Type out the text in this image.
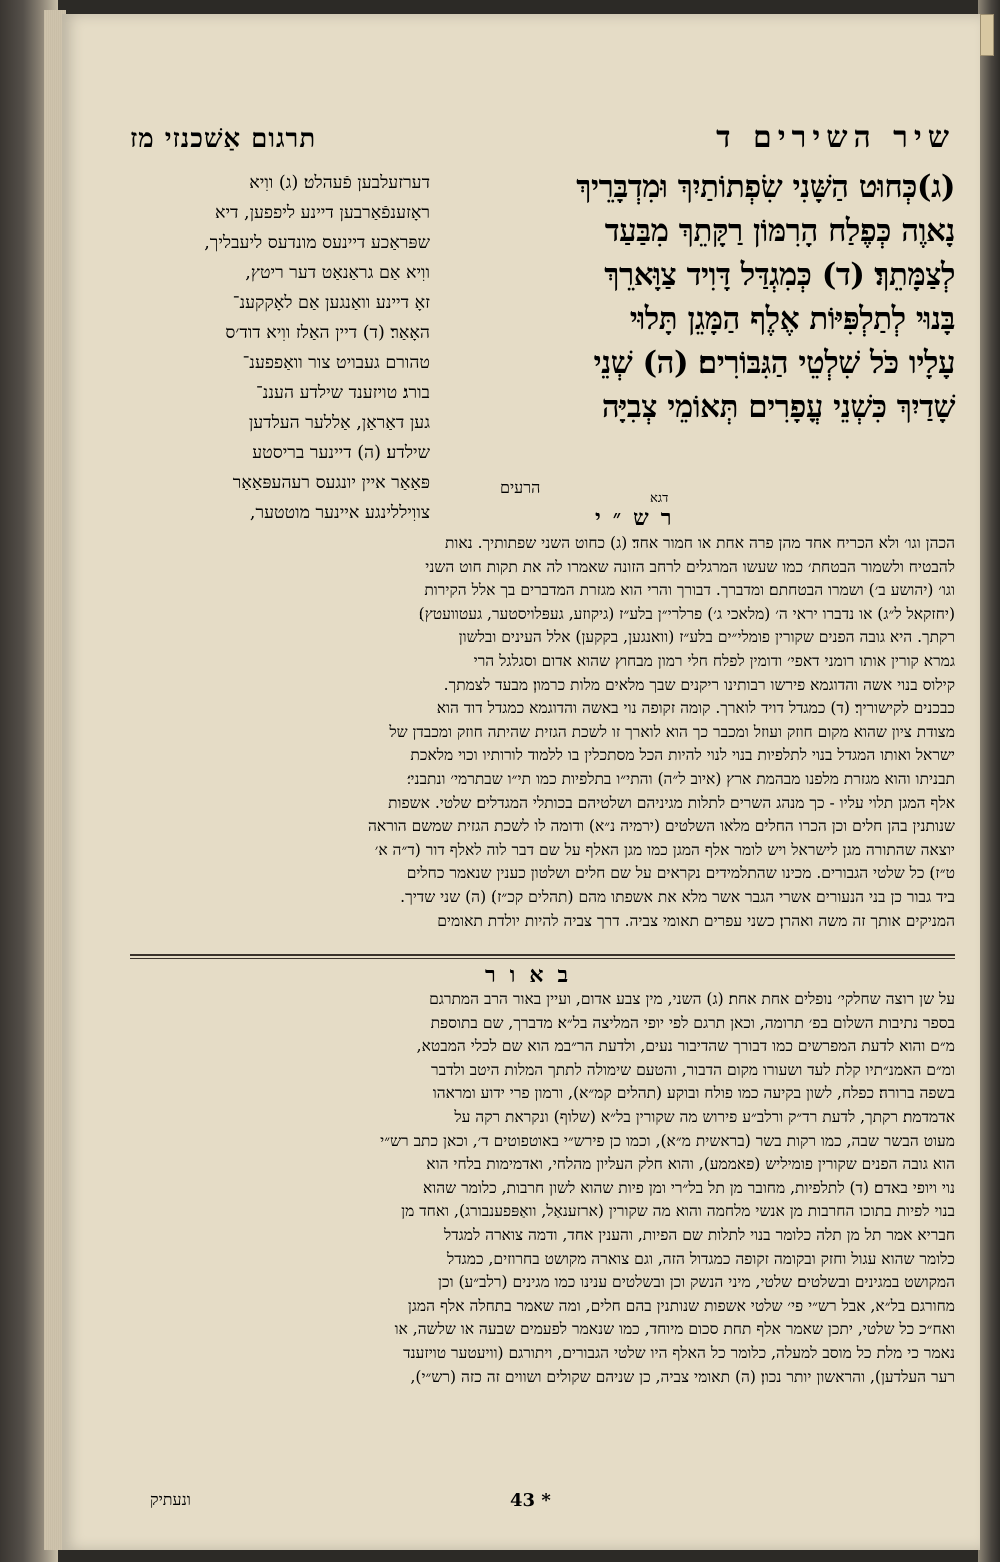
תרגום אַשׁכנזי מז	שיר השירים ד

דערזעלבען פֿעהלט׃ (ג) ווִיא

ראָזענפֿאַרבען דיינע ליפפען, דיא

שפּראַכע דיינעס מונדעס ליעבליך,

ווִיא אַם גראַנאַט דער ריטץ,

זאָ דיינע וואַנגען אַם לאָקקענ־

האָאַר׃ (ד) דיין האַלז ווִיא דוד׳ס

טהורם געבויט צור וואַפפענ־

בורג׃ טויזענד שילדע העננ־

גען דאַראַן, אַללער העלדען

שילדע׃ (ה) דיינער בריסטע

פּאַאַר איין יונגעס רעהעפּאַאַר

צווִיללינגע איינער מוטטער,

(ג)כְּחוּט הַשָּׁנִי שִׂפְתוֹתַיִךְ וּמִדְבָּרֵיךְ

נָאוֶה כְּפֶלַח הָרִמּוֹן רַקָּתֵךְ מִבַּעַד

לְצַמָּתֵךְ׃ (ד) כְּמִגְדַּל דָּוִיד צַוָּארֵךְ

בָּנוּי לְתַלְפִּיּוֹת אֶלֶף הַמָּגֵן תָּלוּי

עָלָיו כֹּל שִׁלְטֵי הַגִּבּוֹרִים׃ (ה) שְׁנֵי

שָׁדַיִךְ כִּשְׁנֵי עֳפָרִים תְּאוֹמֵי צְבִיָּה

דגא
הרעים
רש״י

הכהן וגו׳ ולא הכריח אחד מהן פרה אחת או חמור אחד׃ (ג) כחוט השני שפתותיך. נאות

להבטיח ולשמור הבטחת׳ כמו שעשו המרגלים לרחב הזונה שאמרו לה את תקות חוט השני

וגו׳ (יהושע ב׳) ושמרו הבטחתם׃ ומדברך. דבורך והרי הוא מגזרת המדברים בך אלל הקירות

(יחזקאל ל״ג) או נדברו יראי ה׳ (מלאכי ג׳) פרלרי״ן בלע״ז (גיקוזע, געפּלויסטער, געטוועטץ)׃

רקתך. היא גובה הפנים שקורין פומלי״ים בלע״ז (וואנגען, בקקען) אלל העינים ובלשון

גמרא קורין אותו רומני דאפי׳ ודומין לפלח חלי רמון מבחוץ שהוא אדום וסגלגל הרי

קילוס בנוי אשה והדוגמא פירשו רבותינו ריקנים שבך מלאים מלות כרמון׃ מבעד לצמתך.

כבכנים לקישוריך׃ (ד) כמגדל דויד לוארך. קומה זקופה נוי באשה והדוגמא כמגדל דוד הוא

מצודת ציון שהוא מקום חוזק ועוזל ומכבר כך הוא לוארך זו לשכת הגזית שהיתה חוזק ומכבדן של

ישראל ואותו המגדל בנוי לתלפיות בנוי לנוי להיות הכל מסתכלין בו ללמוד לורותיו וכוי מלאכת

תבניתו והוא מגזרת מלפנו מבהמת ארץ (איוב ל״ה) והתי״ו בתלפיות כמו תי״ו שבתרמי׳ ונתבני׳׃

אלף המגן תלוי עליו - כך מנהג השרים לתלות מגיניהם ושלטיהם בכותלי המגדלים׃ שלטי. אשפות

שנותנין בהן חלים וכן הכרו החלים מלאו השלטים (ירמיה נ״א) ודומה לו לשכת הגזית שמשם הוראה

יוצאה שהתורה מגן לישראל ויש לומר אלף המגן כמו מגן האלף על שם דבר לוה לאלף דור (ד״ה א׳

ט״ז)׃ כל שלטי הגבורים. מכינו שהתלמידים נקראים על שם חלים ושלטון כענין שנאמר כחלים

ביד גבור כן בני הנעורים אשרי הגבר אשר מלא את אשפתו מהם (תהלים קכ״ז)׃ (ה) שני שדיך.

המניקים אותך זה משה ואהרן׃ כשני עפרים תאומי צביה. דרך צביה להיות יולדת תאומים

באור

על שן רוצה שחלקי׳ נופלים אחת אחת׃ (ג) השני, מין צבע אדום, ועיין באור הרב המתרגם

בספר נתיבות השלום בפ׳ תרומה, וכאן תרגם לפי יופי המליצה בל״א׃ מדברך, שם בתוספת

מ״ם והוא לדעת המפרשים כמו דבורך שהדיבור נעים, ולדעת הר״במ הוא שם לכלי המבטא,

ומ״ם האמנ״תיו קלת לעד ושעורו מקום הדבור, והטעם שימולה לתתך המלות היטב ולדבר

בשפה ברורה׃ כפלח, לשון בקיעה כמו פולח ובוקע (תהלים קמ״א), ורמון פרי ידוע ומראהו

אדמדמת׃ רקתך, לדעת רד״ק ורלב״ע פירוש מה שקורין בל״א (שלוף) ונקראת רקה על

מעוט הבשר שבה, כמו רקות בשר (בראשית מ״א), וכמו כן פירש״י באוטפוטים ד׳, וכאן כתב רש״י

הוא גובה הפנים שקורין פומיליש (פאממע), והוא חלק העליון מהלחי, ואדמימות בלחי הוא

נוי ויופי באדם׃ (ד) לתלפיות, מחובר מן תל בל״רי ומן פיות שהוא לשון חרבות, כלומר שהוא

בנוי לפיות בתוכו החרבות מן אנשי מלחמה והוא מה שקורין (ארזענאַל, וואַפּפענבורג), ואחד מן

חבריא אמר תל מן תלה כלומר בנוי לתלות שם הפיות, והענין אחד, ודמה צוארה למגדל

כלומר שהוא עגול וחזק ובקומה זקופה כמגדול הזה, וגם צוארה מקושט בחרוזים, כמגדל

המקושט במגינים ובשלטים׃ שלטי, מיני הנשק וכן ובשלטים ענינו כמו מגינים (רלב״ע) וכן

מחורגם בל״א, אבל רש״י פי׳ שלטי אשפות שנותנין בהם חלים, ומה שאמר בתחלה אלף המגן

ואח״כ כל שלטי, יתכן שאמר אלף תחת סכום מיוחד, כמו שנאמר לפעמים שבעה או שלשה, או

נאמר כי מלת כל מוסב למעלה, כלומר כל האלף היו שלטי הגבורים, ויתורגם (וויעטער טויזענד

רער העלדען), והראשון יותר נכון׃ (ה) תאומי צביה, כן שניהם שקולים ושווים זה כזה (רש״י),

ונעתיק	43 *
